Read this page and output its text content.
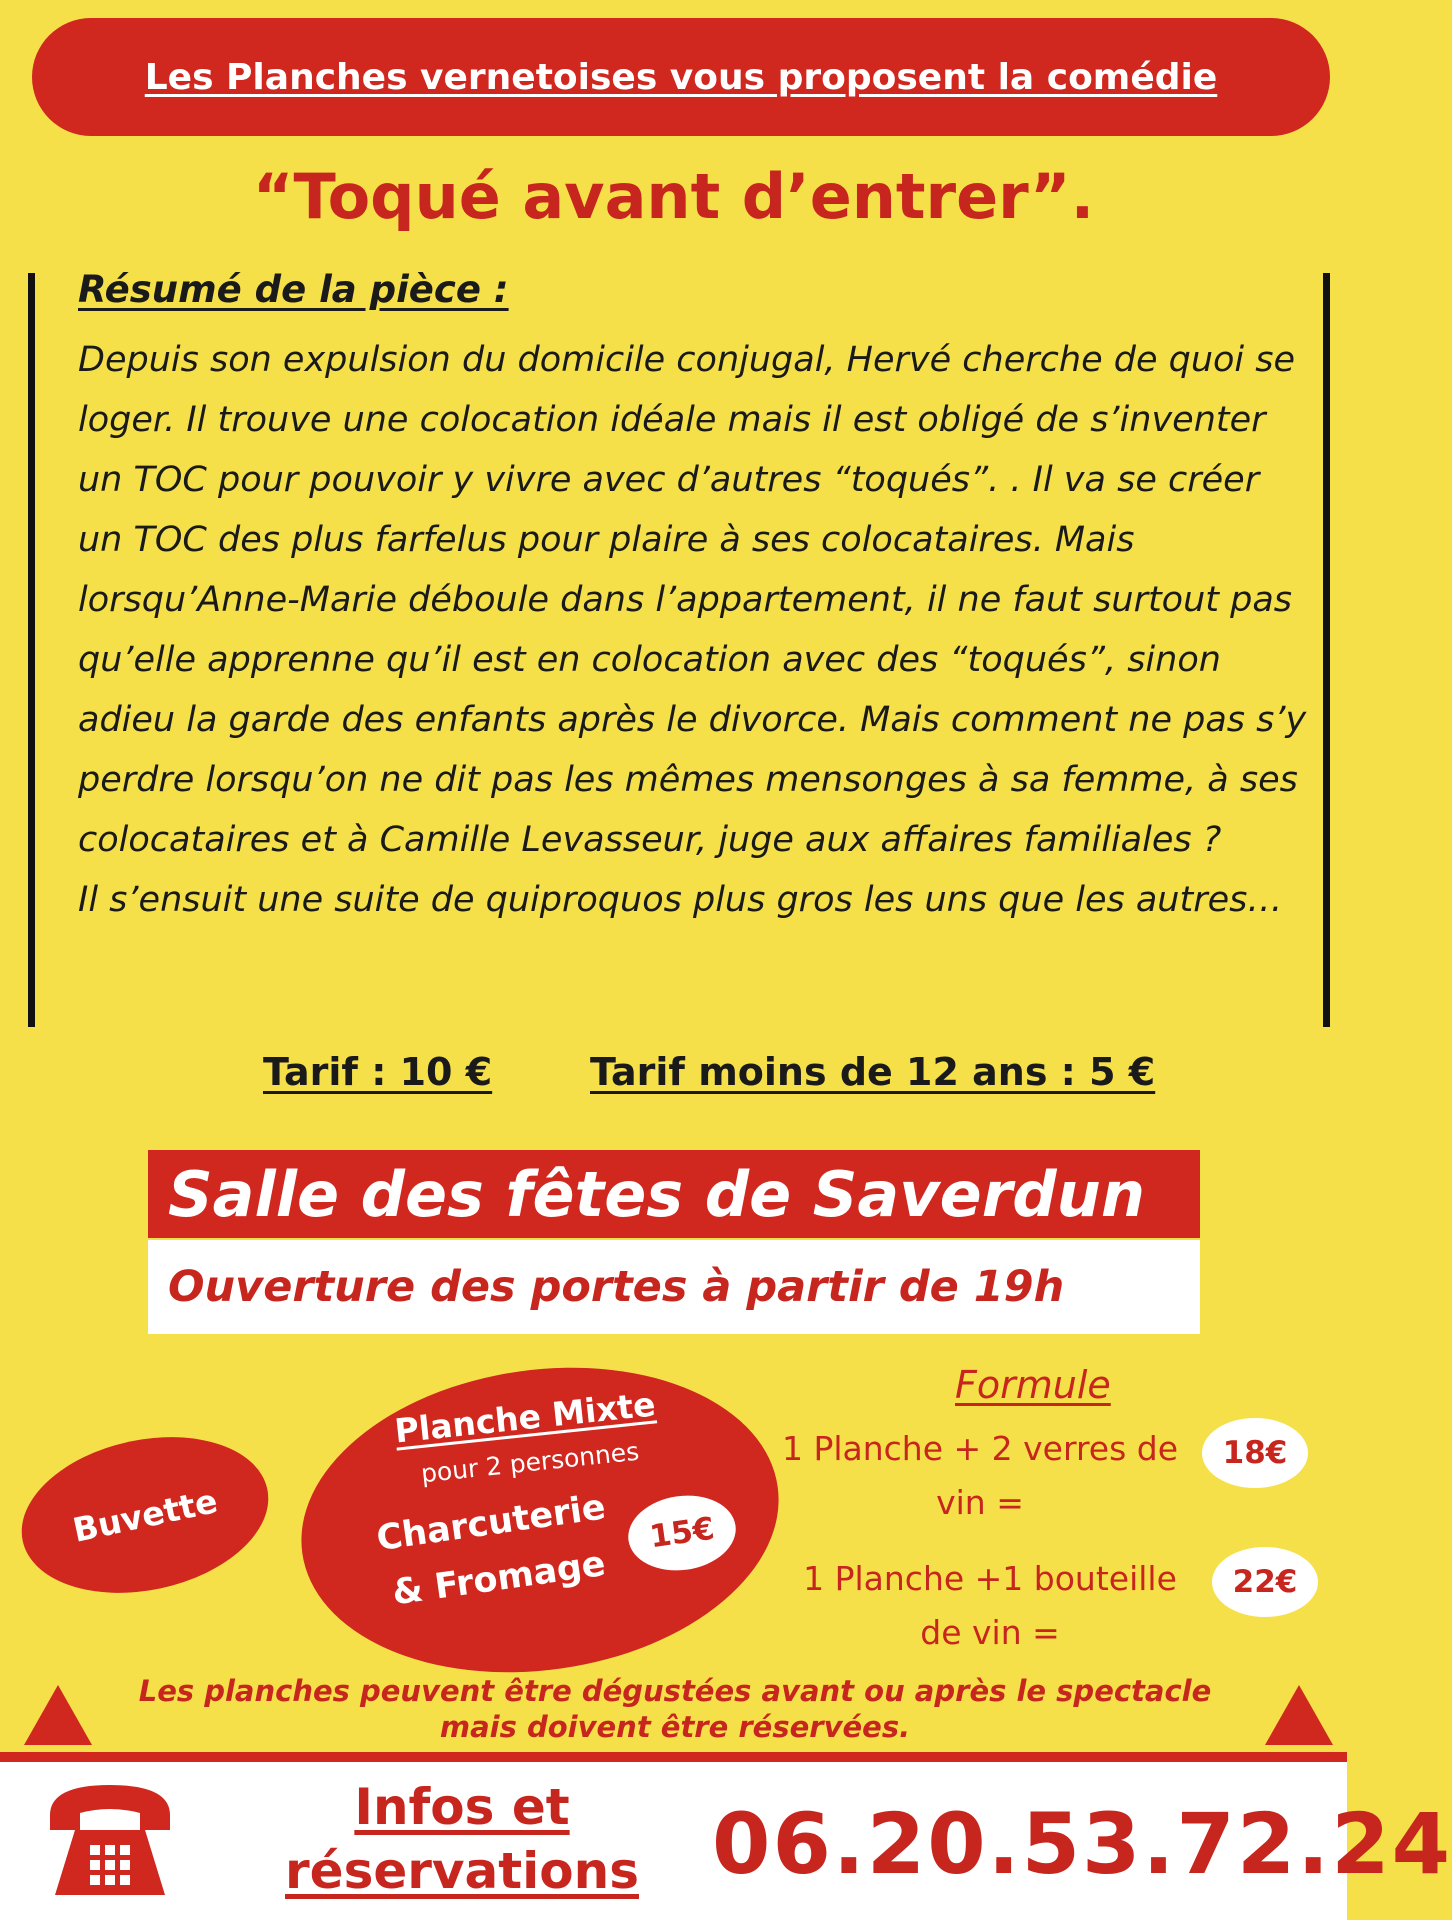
Les Planches vernetoises vous proposent la comédie
“Toqué avant d’entrer”.
Résumé de la pièce :
Depuis son expulsion du domicile conjugal, Hervé cherche de quoi se loger. Il trouve une colocation idéale mais il est obligé de s’inventer un TOC pour pouvoir y vivre avec d’autres “toqués”. . Il va se créer un TOC des plus farfelus pour plaire à ses colocataires. Mais lorsqu’Anne-Marie déboule dans l’appartement, il ne faut surtout pas qu’elle apprenne qu’il est en colocation avec des “toqués”, sinon adieu la garde des enfants après le divorce. Mais comment ne pas s’y perdre lorsqu’on ne dit pas les mêmes mensonges à sa femme, à ses colocataires et à Camille Levasseur, juge aux affaires familiales ?
Il s’ensuit une suite de quiproquos plus gros les uns que les autres…
Tarif : 10 €	Tarif moins de 12 ans : 5 €
Salle des fêtes de Saverdun
Ouverture des portes à partir de 19h
Buvette
Planche Mixte
pour 2 personnes
Charcuterie
& Fromage
15€
Formule
1 Planche + 2 verres de vin =
18€
1 Planche +1 bouteille de vin =
22€
Les planches peuvent être dégustées avant ou après le spectacle mais doivent être réservées.
Infos et
réservations 06.20.53.72.24
